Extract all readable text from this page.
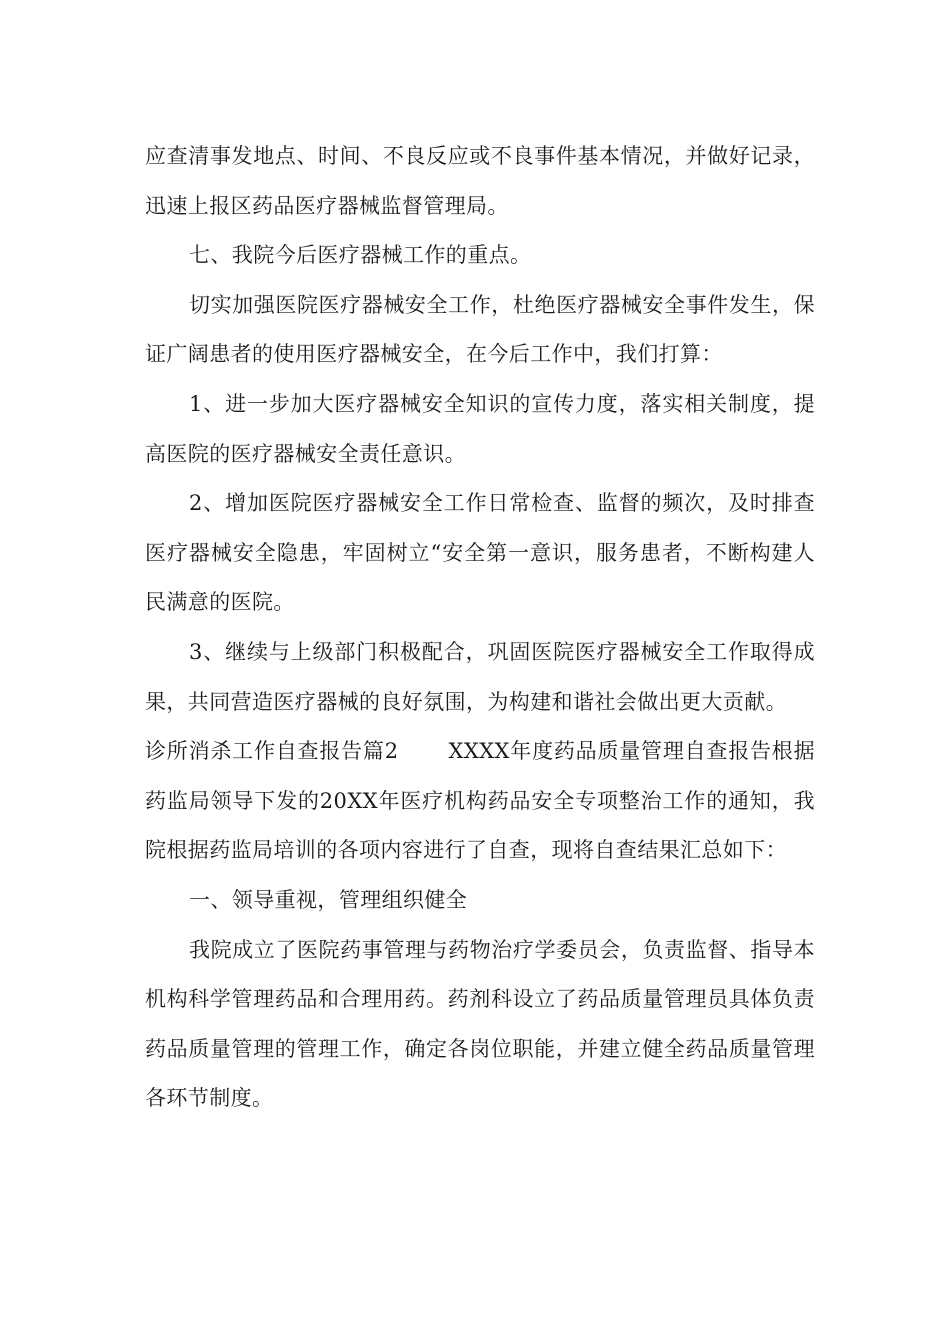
应查清事发地点、时间、不良反应或不良事件基本情况，并做好记录，迅速上报区药品医疗器械监督管理局。

七、我院今后医疗器械工作的重点。

切实加强医院医疗器械安全工作，杜绝医疗器械安全事件发生，保证广阔患者的使用医疗器械安全，在今后工作中，我们打算：

1、进一步加大医疗器械安全知识的宣传力度，落实相关制度，提高医院的医疗器械安全责任意识。

2、增加医院医疗器械安全工作日常检查、监督的频次，及时排查医疗器械安全隐患，牢固树立“安全第一意识，服务患者，不断构建人民满意的医院。

3、继续与上级部门积极配合，巩固医院医疗器械安全工作取得成果，共同营造医疗器械的良好氛围，为构建和谐社会做出更大贡献。

诊所消杀工作自查报告篇2 XXXX年度药品质量管理自查报告根据药监局领导下发的20XX年医疗机构药品安全专项整治工作的通知，我院根据药监局培训的各项内容进行了自查，现将自查结果汇总如下：

一、领导重视，管理组织健全

我院成立了医院药事管理与药物治疗学委员会，负责监督、指导本机构科学管理药品和合理用药。药剂科设立了药品质量管理员具体负责药品质量管理的管理工作，确定各岗位职能，并建立健全药品质量管理各环节制度。
